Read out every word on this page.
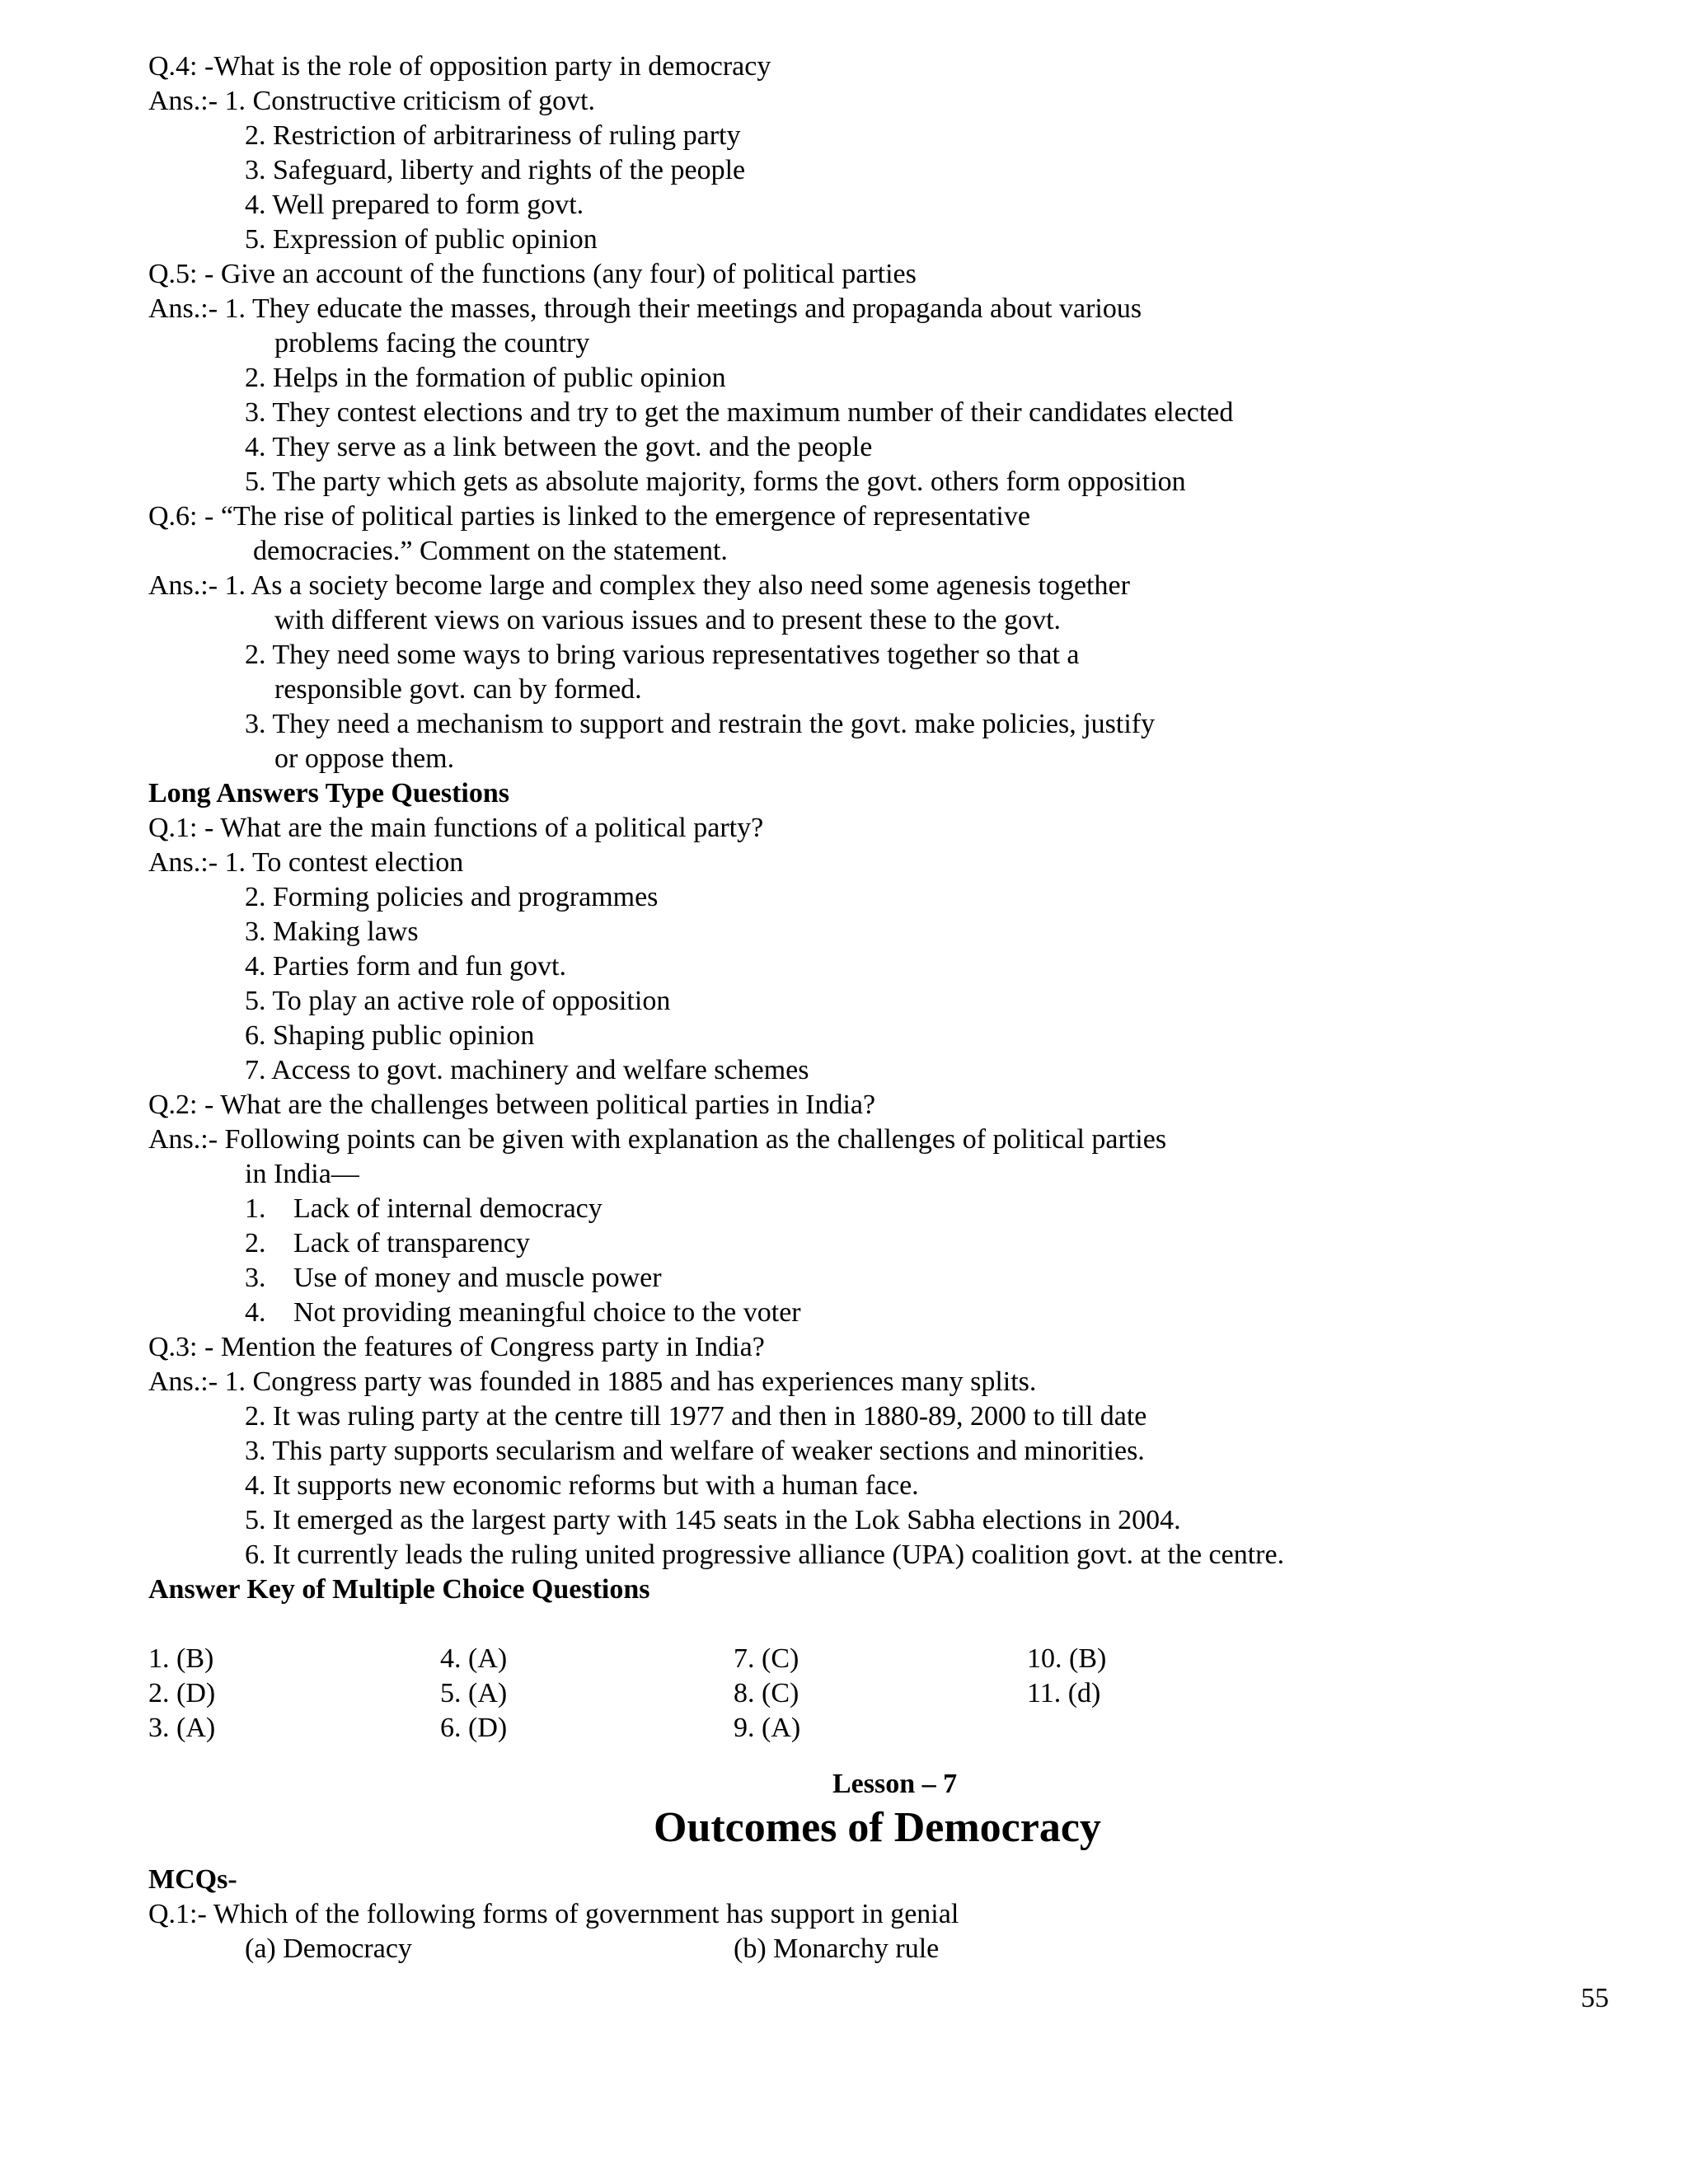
Q.4: -What is the role of opposition party in democracy
Ans.:- 1. Constructive criticism of govt.
2. Restriction of arbitrariness of ruling party
3. Safeguard, liberty and rights of the people
4. Well prepared to form govt.
5. Expression of public opinion
Q.5: - Give an account of the functions (any four) of political parties
Ans.:- 1. They educate the masses, through their meetings and propaganda about various
problems facing the country
2. Helps in the formation of public opinion
3. They contest elections and try to get the maximum number of their candidates elected
4. They serve as a link between the govt. and the people
5. The party which gets as absolute majority, forms the govt. others form opposition
Q.6: - “The rise of political parties is linked to the emergence of representative
democracies.” Comment on the statement.
Ans.:- 1. As a society become large and complex they also need some agenesis together
with different views on various issues and to present these to the govt.
2. They need some ways to bring various representatives together so that a
responsible govt. can by formed.
3. They need a mechanism to support and restrain the govt. make policies, justify
or oppose them.
Long Answers Type Questions
Q.1: - What are the main functions of a political party?
Ans.:- 1. To contest election
2. Forming policies and programmes
3. Making laws
4. Parties form and fun govt.
5. To play an active role of opposition
6. Shaping public opinion
7. Access to govt. machinery and welfare schemes
Q.2: - What are the challenges between political parties in India?
Ans.:- Following points can be given with explanation as the challenges of political parties
in India—
1. Lack of internal democracy
2. Lack of transparency
3. Use of money and muscle power
4. Not providing meaningful choice to the voter
Q.3: - Mention the features of Congress party in India?
Ans.:- 1. Congress party was founded in 1885 and has experiences many splits.
2. It was ruling party at the centre till 1977 and then in 1880-89, 2000 to till date
3. This party supports secularism and welfare of weaker sections and minorities.
4. It supports new economic reforms but with a human face.
5. It emerged as the largest party with 145 seats in the Lok Sabha elections in 2004.
6. It currently leads the ruling united progressive alliance (UPA) coalition govt. at the centre.
Answer Key of Multiple Choice Questions
1. (B)
2. (D)
3. (A)
4. (A)
5. (A)
6. (D)
7. (C)
8. (C)
9. (A)
10. (B)
11. (d)
Lesson – 7
Outcomes of Democracy
MCQs-
Q.1:- Which of the following forms of government has support in genial
(a) Democracy	(b) Monarchy rule
55
